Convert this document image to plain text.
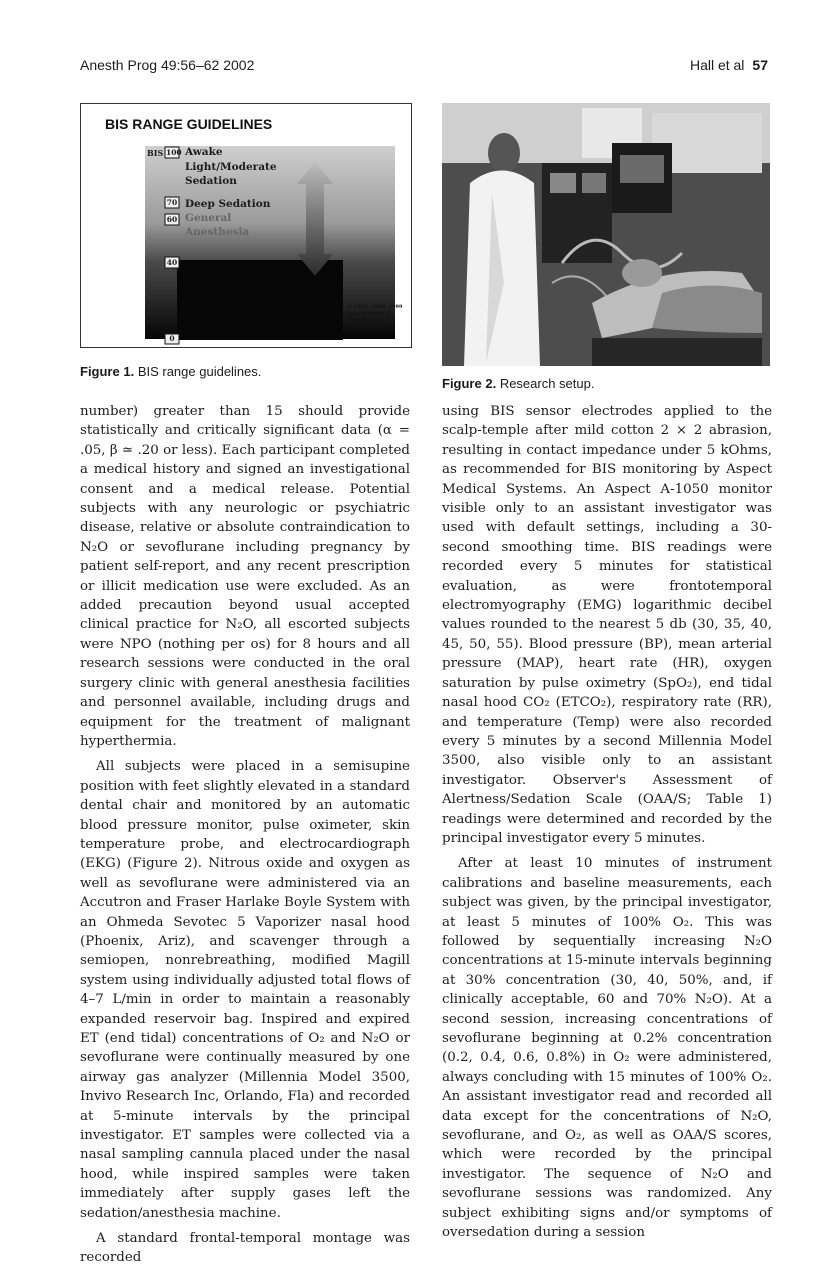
Anesth Prog 49:56–62 2002	Hall et al 57
BIS RANGE GUIDELINES
BIS 100
70
60
40
0
Awake
Light/Moderate
Sedation
Deep Sedation
General
Anesthesia
© 1994, 1998, 1999
Aspect Medical Systems, Inc.
Figure 1. BIS range guidelines.
Figure 2. Research setup.

number) greater than 15 should provide statistically and critically significant data (α = .05, β ≃ .20 or less). Each participant completed a medical history and signed an investigational consent and a medical release. Potential subjects with any neurologic or psychiatric disease, relative or absolute contraindication to N₂O or sevoflurane including pregnancy by patient self-report, and any recent prescription or illicit medication use were excluded. As an added precaution beyond usual accepted clinical practice for N₂O, all escorted subjects were NPO (nothing per os) for 8 hours and all research sessions were conducted in the oral surgery clinic with general anesthesia facilities and personnel available, including drugs and equipment for the treatment of malignant hyperthermia.

All subjects were placed in a semisupine position with feet slightly elevated in a standard dental chair and monitored by an automatic blood pressure monitor, pulse oximeter, skin temperature probe, and electrocardiograph (EKG) (Figure 2). Nitrous oxide and oxygen as well as sevoflurane were administered via an Accutron and Fraser Harlake Boyle System with an Ohmeda Sevotec 5 Vaporizer nasal hood (Phoenix, Ariz), and scavenger through a semiopen, nonrebreathing, modified Magill system using individually adjusted total flows of 4–7 L/min in order to maintain a reasonably expanded reservoir bag. Inspired and expired ET (end tidal) concentrations of O₂ and N₂O or sevoflurane were continually measured by one airway gas analyzer (Millennia Model 3500, Invivo Research Inc, Orlando, Fla) and recorded at 5-minute intervals by the principal investigator. ET samples were collected via a nasal sampling cannula placed under the nasal hood, while inspired samples were taken immediately after supply gases left the sedation/anesthesia machine.

A standard frontal-temporal montage was recorded

using BIS sensor electrodes applied to the scalp-temple after mild cotton 2 × 2 abrasion, resulting in contact impedance under 5 kOhms, as recommended for BIS monitoring by Aspect Medical Systems. An Aspect A-1050 monitor visible only to an assistant investigator was used with default settings, including a 30-second smoothing time. BIS readings were recorded every 5 minutes for statistical evaluation, as were frontotemporal electromyography (EMG) logarithmic decibel values rounded to the nearest 5 db (30, 35, 40, 45, 50, 55). Blood pressure (BP), mean arterial pressure (MAP), heart rate (HR), oxygen saturation by pulse oximetry (SpO₂), end tidal nasal hood CO₂ (ETCO₂), respiratory rate (RR), and temperature (Temp) were also recorded every 5 minutes by a second Millennia Model 3500, also visible only to an assistant investigator. Observer's Assessment of Alertness/Sedation Scale (OAA/S; Table 1) readings were determined and recorded by the principal investigator every 5 minutes.

After at least 10 minutes of instrument calibrations and baseline measurements, each subject was given, by the principal investigator, at least 5 minutes of 100% O₂. This was followed by sequentially increasing N₂O concentrations at 15-minute intervals beginning at 30% concentration (30, 40, 50%, and, if clinically acceptable, 60 and 70% N₂O). At a second session, increasing concentrations of sevoflurane beginning at 0.2% concentration (0.2, 0.4, 0.6, 0.8%) in O₂ were administered, always concluding with 15 minutes of 100% O₂. An assistant investigator read and recorded all data except for the concentrations of N₂O, sevoflurane, and O₂, as well as OAA/S scores, which were recorded by the principal investigator. The sequence of N₂O and sevoflurane sessions was randomized. Any subject exhibiting signs and/or symptoms of oversedation during a session
